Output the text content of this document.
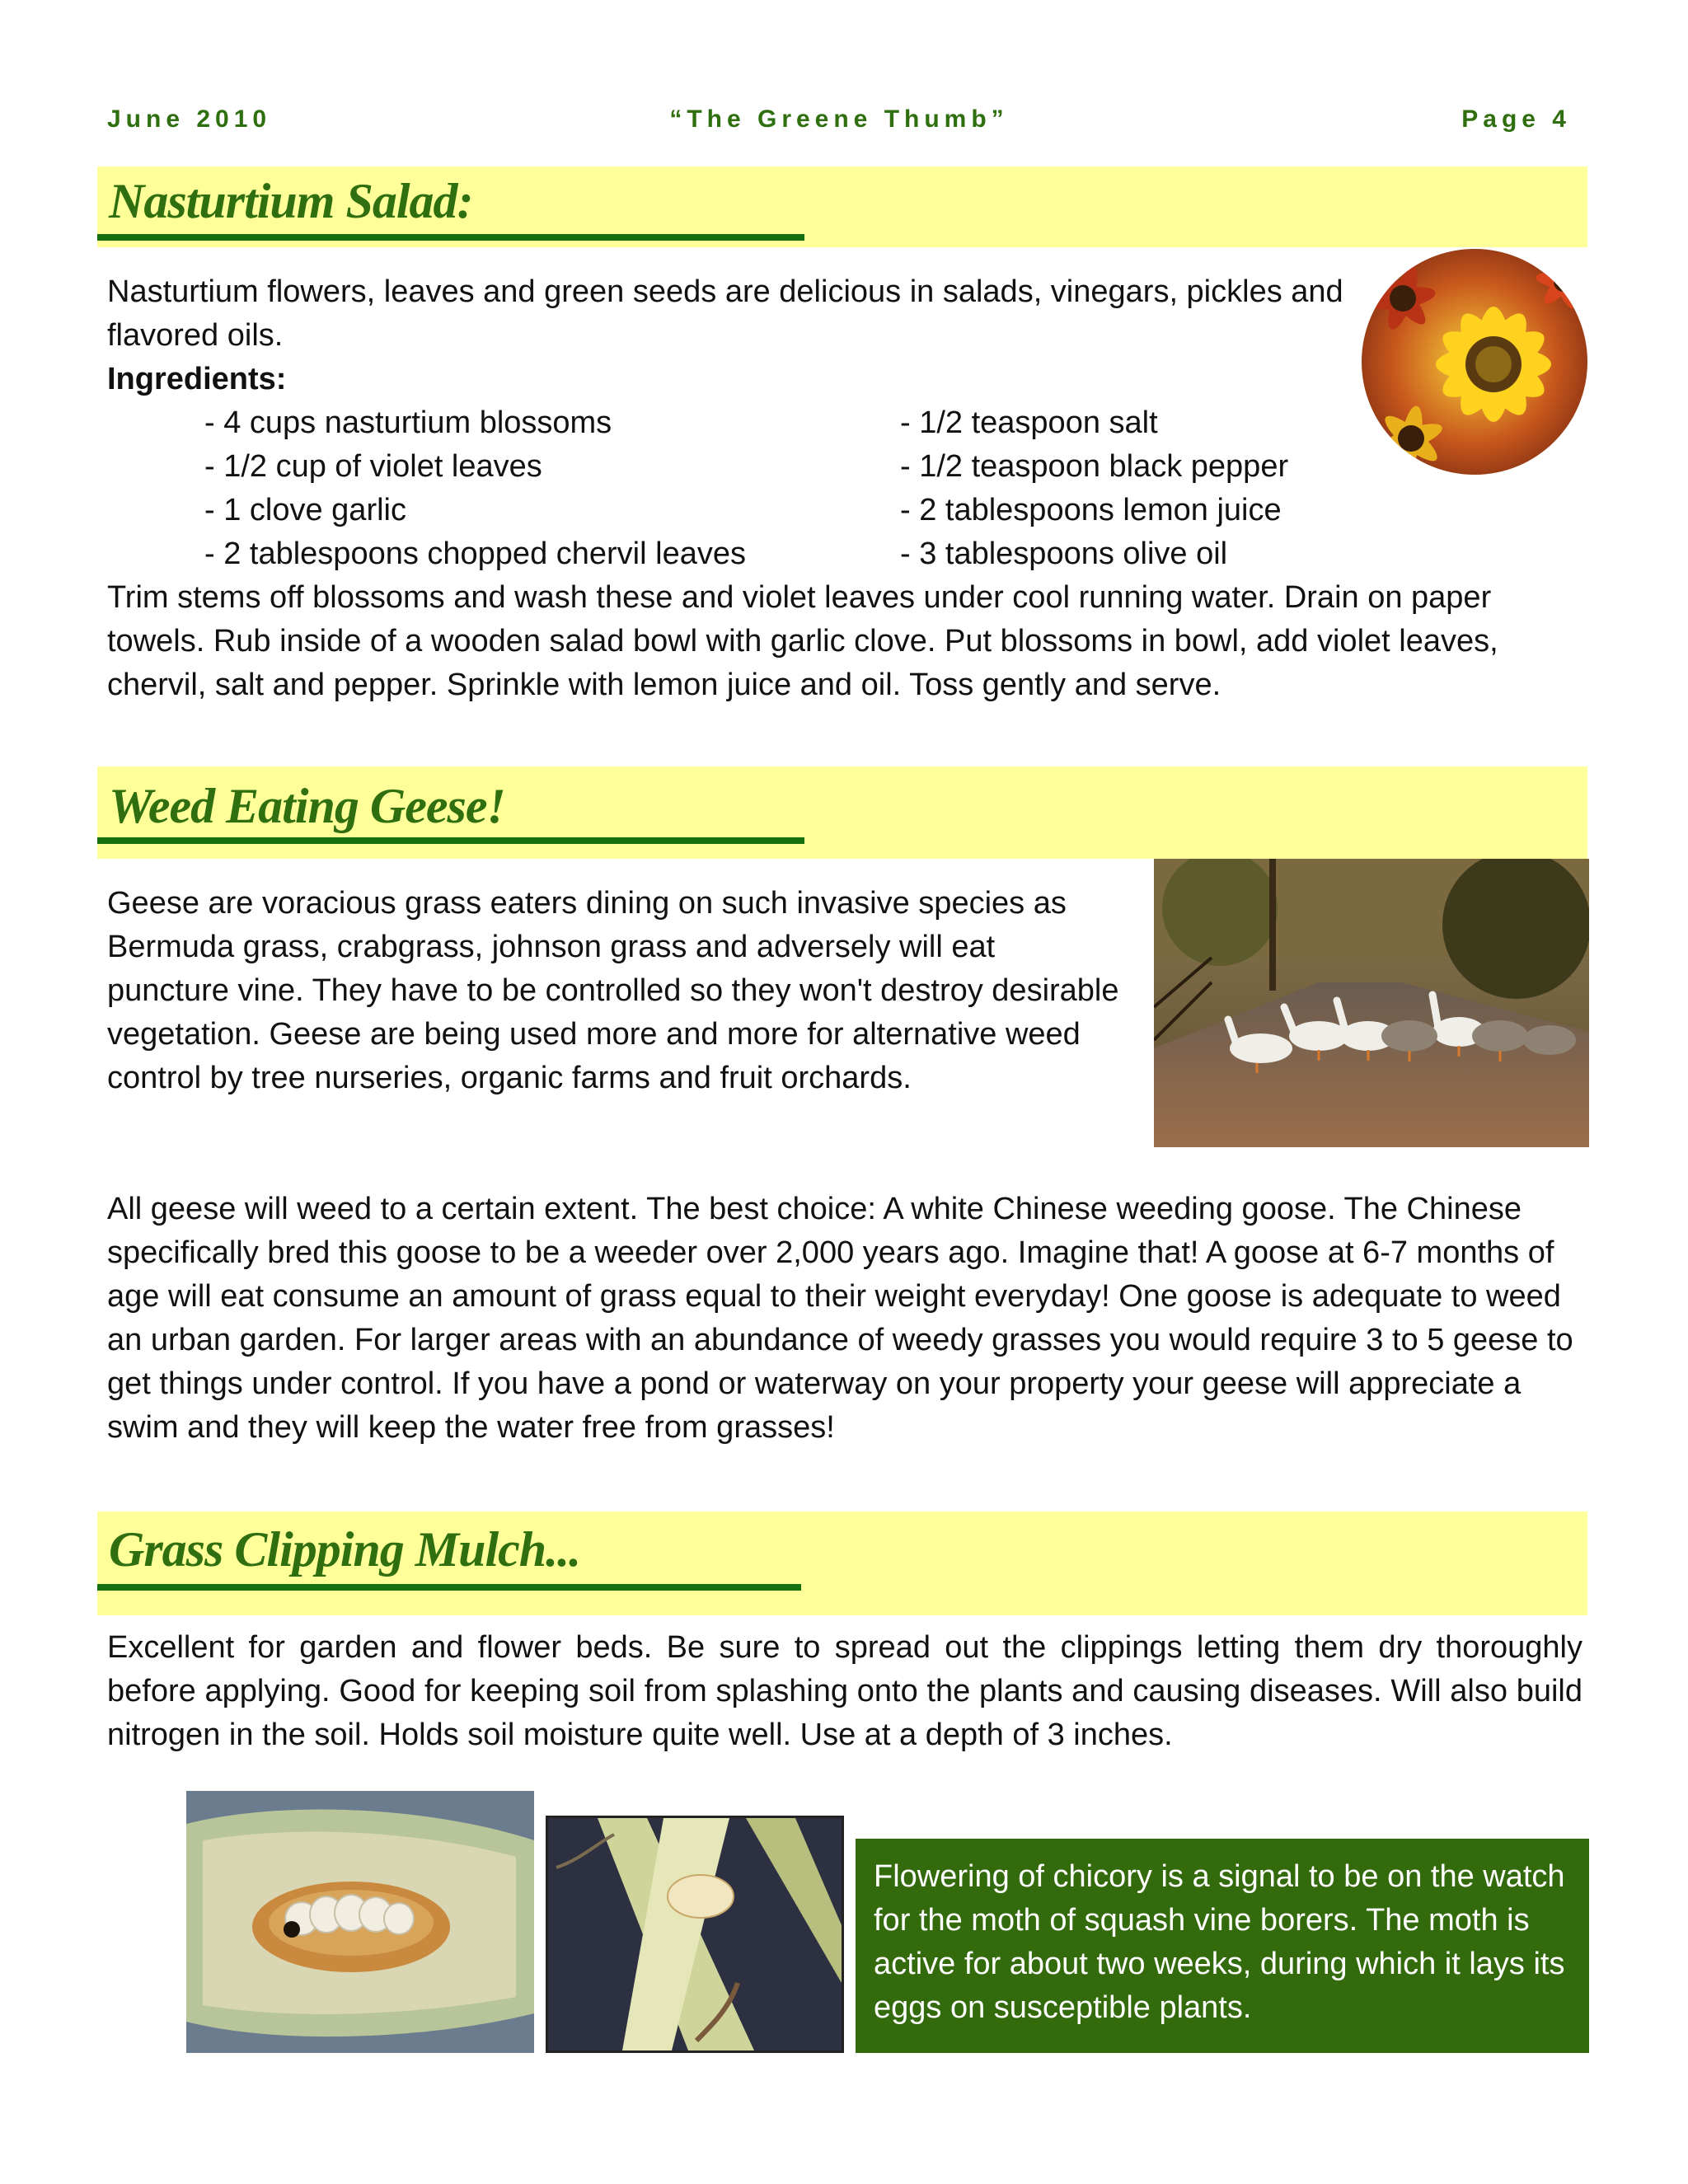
June 2010	“The Greene Thumb”	Page 4
Nasturtium Salad:

Nasturtium flowers, leaves and green seeds are delicious in salads, vinegars, pickles and flavored oils.

Ingredients:

- 4 cups nasturtium blossoms
- 1/2 cup of violet leaves
- 1 clove garlic
- 2 tablespoons chopped chervil leaves
- 1/2 teaspoon salt
- 1/2 teaspoon black pepper
- 2 tablespoons lemon juice
- 3 tablespoons olive oil

Trim stems off blossoms and wash these and violet leaves under cool running water. Drain on paper towels. Rub inside of a wooden salad bowl with garlic clove. Put blossoms in bowl, add violet leaves, chervil, salt and pepper. Sprinkle with lemon juice and oil. Toss gently and serve.

Weed Eating Geese!

Geese are voracious grass eaters dining on such invasive species as Bermuda grass, crabgrass, johnson grass and adversely will eat puncture vine. They have to be controlled so they won't destroy desirable vegetation. Geese are being used more and more for alternative weed control by tree nurseries, organic farms and fruit orchards.

All geese will weed to a certain extent. The best choice: A white Chinese weeding goose. The Chinese specifically bred this goose to be a weeder over 2,000 years ago. Imagine that! A goose at 6-7 months of age will eat consume an amount of grass equal to their weight everyday! One goose is adequate to weed an urban garden. For larger areas with an abundance of weedy grasses you would require 3 to 5 geese to get things under control. If you have a pond or waterway on your property your geese will appreciate a swim and they will keep the water free from grasses!

Grass Clipping Mulch...

Excellent for garden and flower beds. Be sure to spread out the clippings letting them dry thoroughly before applying. Good for keeping soil from splashing onto the plants and causing diseases. Will also build nitrogen in the soil. Holds soil moisture quite well. Use at a depth of 3 inches.

Flowering of chicory is a signal to be on the watch for the moth of squash vine borers. The moth is active for about two weeks, during which it lays its eggs on susceptible plants.
